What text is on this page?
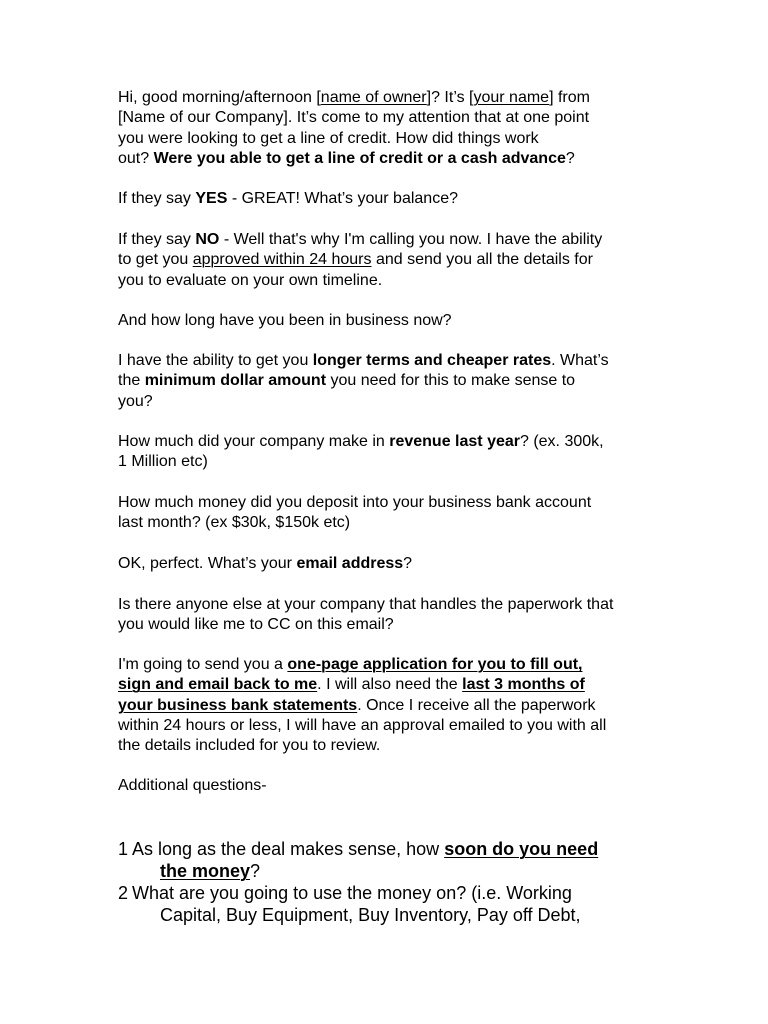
Hi, good morning/afternoon [name of owner]? It’s [your name] from
[Name of our Company]. It’s come to my attention that at one point
you were looking to get a line of credit. How did things work
out? Were you able to get a line of credit or a cash advance?

If they say YES - GREAT! What’s your balance?

If they say NO - Well that's why I'm calling you now. I have the ability
to get you approved within 24 hours and send you all the details for
you to evaluate on your own timeline.

And how long have you been in business now?

I have the ability to get you longer terms and cheaper rates. What’s
the minimum dollar amount you need for this to make sense to
you?

How much did your company make in revenue last year? (ex. 300k,
1 Million etc)

How much money did you deposit into your business bank account
last month? (ex $30k, $150k etc)

OK, perfect. What’s your email address?

Is there anyone else at your company that handles the paperwork that
you would like me to CC on this email?

I'm going to send you a one-page application for you to fill out,
sign and email back to me. I will also need the last 3 months of
your business bank statements. Once I receive all the paperwork
within 24 hours or less, I will have an approval emailed to you with all
the details included for you to review.

Additional questions-

1 As long as the deal makes sense, how soon do you need
the money?
2 What are you going to use the money on? (i.e. Working
Capital, Buy Equipment, Buy Inventory, Pay off Debt,
